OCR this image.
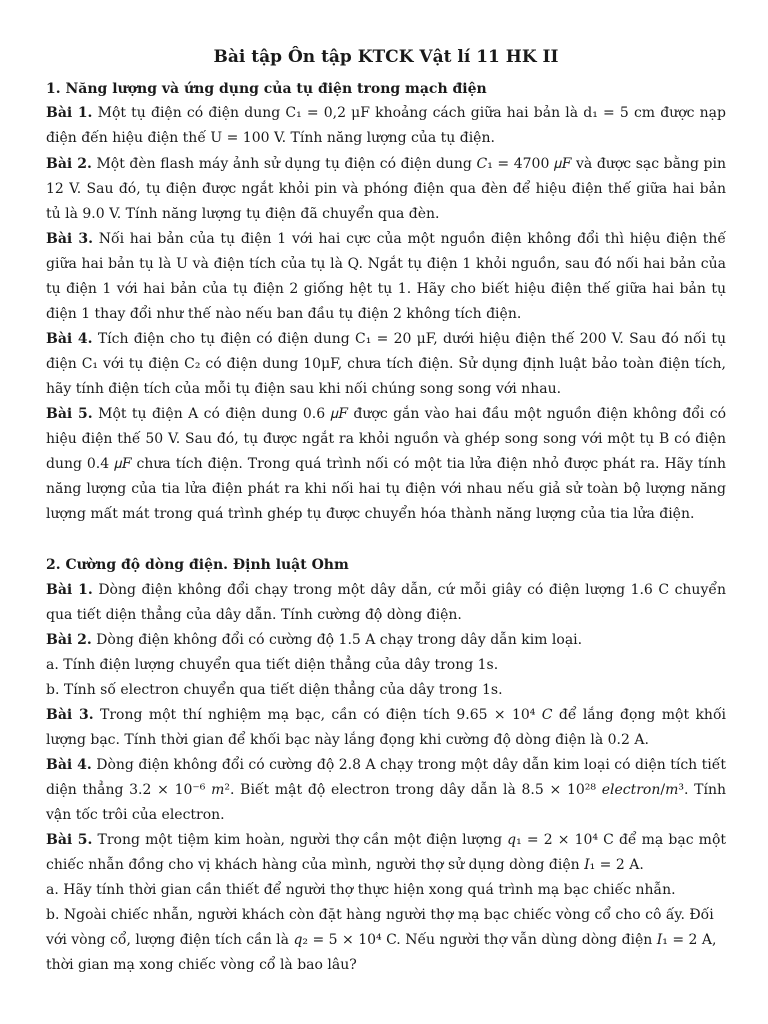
Bài tập Ôn tập KTCK Vật lí 11 HK II
1. Năng lượng và ứng dụng của tụ điện trong mạch điện
Bài 1. Một tụ điện có điện dung C₁ = 0,2 μF khoảng cách giữa hai bản là d₁ = 5 cm được nạp điện đến hiệu điện thế U = 100 V. Tính năng lượng của tụ điện.
Bài 2. Một đèn flash máy ảnh sử dụng tụ điện có điện dung 𝐶₁ = 4700 𝜇𝐹 và được sạc bằng pin 12 V. Sau đó, tụ điện được ngắt khỏi pin và phóng điện qua đèn để hiệu điện thế giữa hai bản tủ là 9.0 V. Tính năng lượng tụ điện đã chuyển qua đèn.
Bài 3. Nối hai bản của tụ điện 1 với hai cực của một nguồn điện không đổi thì hiệu điện thế giữa hai bản tụ là U và điện tích của tụ là Q. Ngắt tụ điện 1 khỏi nguồn, sau đó nối hai bản của tụ điện 1 với hai bản của tụ điện 2 giống hệt tụ 1. Hãy cho biết hiệu điện thế giữa hai bản tụ điện 1 thay đổi như thế nào nếu ban đầu tụ điện 2 không tích điện.
Bài 4. Tích điện cho tụ điện có điện dung C₁ = 20 μF, dưới hiệu điện thế 200 V. Sau đó nối tụ điện C₁ với tụ điện C₂ có điện dung 10μF, chưa tích điện. Sử dụng định luật bảo toàn điện tích, hãy tính điện tích của mỗi tụ điện sau khi nối chúng song song với nhau.
Bài 5. Một tụ điện A có điện dung 0.6 𝜇𝐹 được gắn vào hai đầu một nguồn điện không đổi có hiệu điện thế 50 V. Sau đó, tụ được ngắt ra khỏi nguồn và ghép song song với một tụ B có điện dung 0.4 𝜇𝐹 chưa tích điện. Trong quá trình nối có một tia lửa điện nhỏ được phát ra. Hãy tính năng lượng của tia lửa điện phát ra khi nối hai tụ điện với nhau nếu giả sử toàn bộ lượng năng lượng mất mát trong quá trình ghép tụ được chuyển hóa thành năng lượng của tia lửa điện.
2. Cường độ dòng điện. Định luật Ohm
Bài 1. Dòng điện không đổi chạy trong một dây dẫn, cứ mỗi giây có điện lượng 1.6 C chuyển qua tiết diện thẳng của dây dẫn. Tính cường độ dòng điện.
Bài 2. Dòng điện không đổi có cường độ 1.5 A chạy trong dây dẫn kim loại.
a. Tính điện lượng chuyển qua tiết diện thẳng của dây trong 1s.
b. Tính số electron chuyển qua tiết diện thẳng của dây trong 1s.
Bài 3. Trong một thí nghiệm mạ bạc, cần có điện tích 9.65 × 10⁴ 𝐶 để lắng đọng một khối lượng bạc. Tính thời gian để khối bạc này lắng đọng khi cường độ dòng điện là 0.2 A.
Bài 4. Dòng điện không đổi có cường độ 2.8 A chạy trong một dây dẫn kim loại có diện tích tiết diện thẳng 3.2 × 10⁻⁶ 𝑚². Biết mật độ electron trong dây dẫn là 8.5 × 10²⁸ 𝑒𝑙𝑒𝑐𝑡𝑟𝑜𝑛/𝑚³. Tính vận tốc trôi của electron.
Bài 5. Trong một tiệm kim hoàn, người thợ cần một điện lượng 𝑞₁ = 2 × 10⁴ C để mạ bạc một chiếc nhẫn đồng cho vị khách hàng của mình, người thợ sử dụng dòng điện 𝐼₁ = 2 A.
a. Hãy tính thời gian cần thiết để người thợ thực hiện xong quá trình mạ bạc chiếc nhẫn.
b. Ngoài chiếc nhẫn, người khách còn đặt hàng người thợ mạ bạc chiếc vòng cổ cho cô ấy. Đối với vòng cổ, lượng điện tích cần là 𝑞₂ = 5 × 10⁴ C. Nếu người thợ vẫn dùng dòng điện 𝐼₁ = 2 A, thời gian mạ xong chiếc vòng cổ là bao lâu?
